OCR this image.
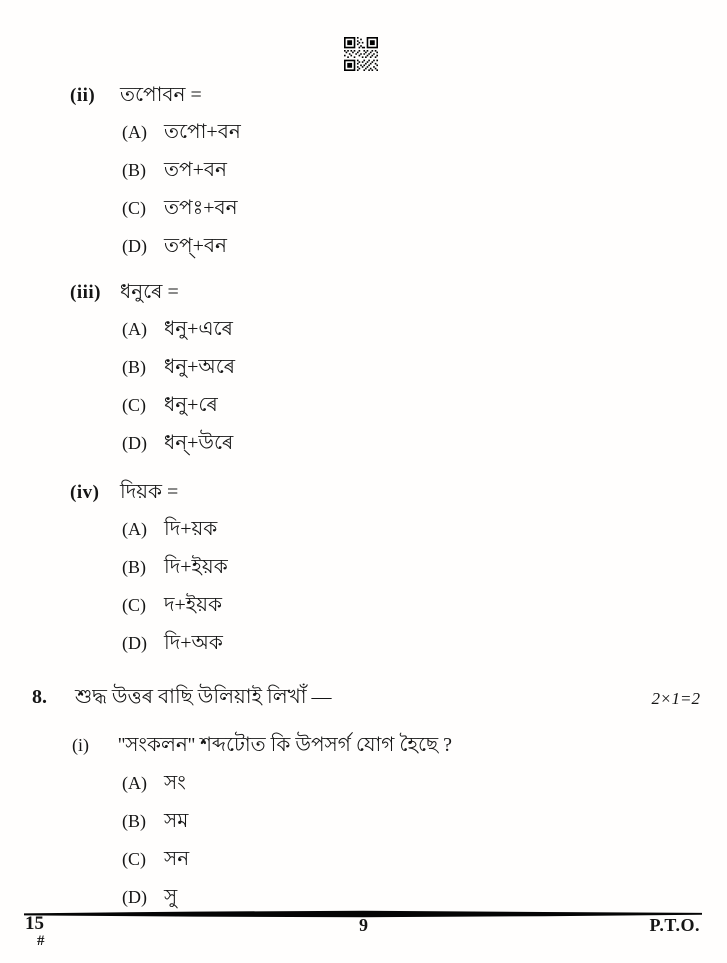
(ii) তপোবন =
(A) তপো+বন
(B) তপ+বন
(C) তপঃ+বন
(D) তপ্+বন
(iii) ধনুৰে =
(A) ধনু+এৰে
(B) ধনু+অৰে
(C) ধনু+ৰে
(D) ধন্+উৰে
(iv) দিয়ক =
(A) দি+য়ক
(B) দি+ইয়ক
(C) দ+ইয়ক
(D) দি+অক
8. শুদ্ধ উত্তৰ বাছি উলিয়াই লিখাঁ —	2×1=2
(i) ''সংকলন'' শব্দটোত কি উপসৰ্গ যোগ হৈছে ?
(A) সং
(B) সম
(C) সন
(D) সু
15
#
9	P.T.O.
